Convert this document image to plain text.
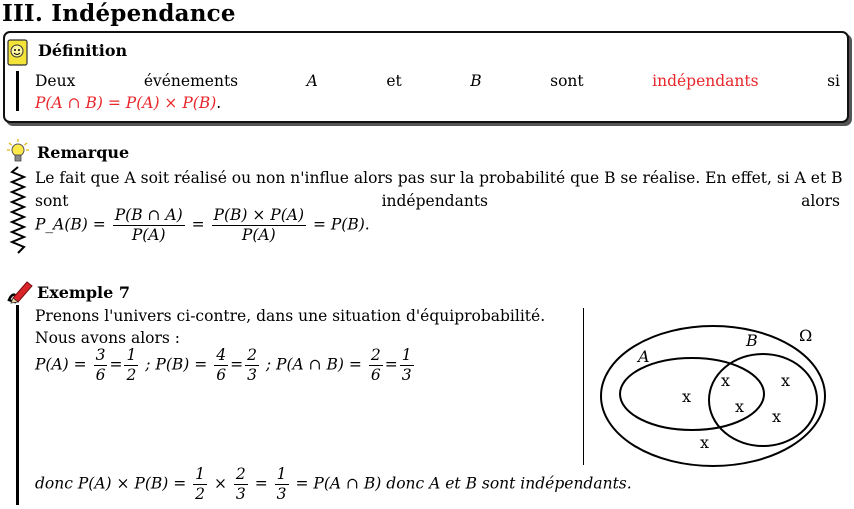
III. Indépendance
Définition
Deux	événements	A	et	B	sont	indépendants	si
P(A ∩ B) = P(A) × P(B).
Remarque
Le fait que A soit réalisé ou non n'influe alors pas sur la probabilité que B se réalise. En effet, si A et B
sont	indépendants	alors
P_A(B) = $\frac{P(B \cap A)}{P(A)} = \frac{P(B) \times P(A)}{P(A)} = P(B)$.
Exemple 7
Prenons l'univers ci-contre, dans une situation d'équiprobabilité.
Nous avons alors :
$P(A) = \frac{3}{6} = \frac{1}{2}$ ; $P(B) = \frac{4}{6} = \frac{2}{3}$ ; P(A ∩ $B) = \frac{2}{6} = \frac{1}{3}$	A
B	Ω
x
x
x
x
x
x
donc $P(A) \times P(B) = \frac{1}{2} \times \frac{2}{3} = \frac{1}{3} = P(A$ ∩ B) donc A et B sont indépendants.
